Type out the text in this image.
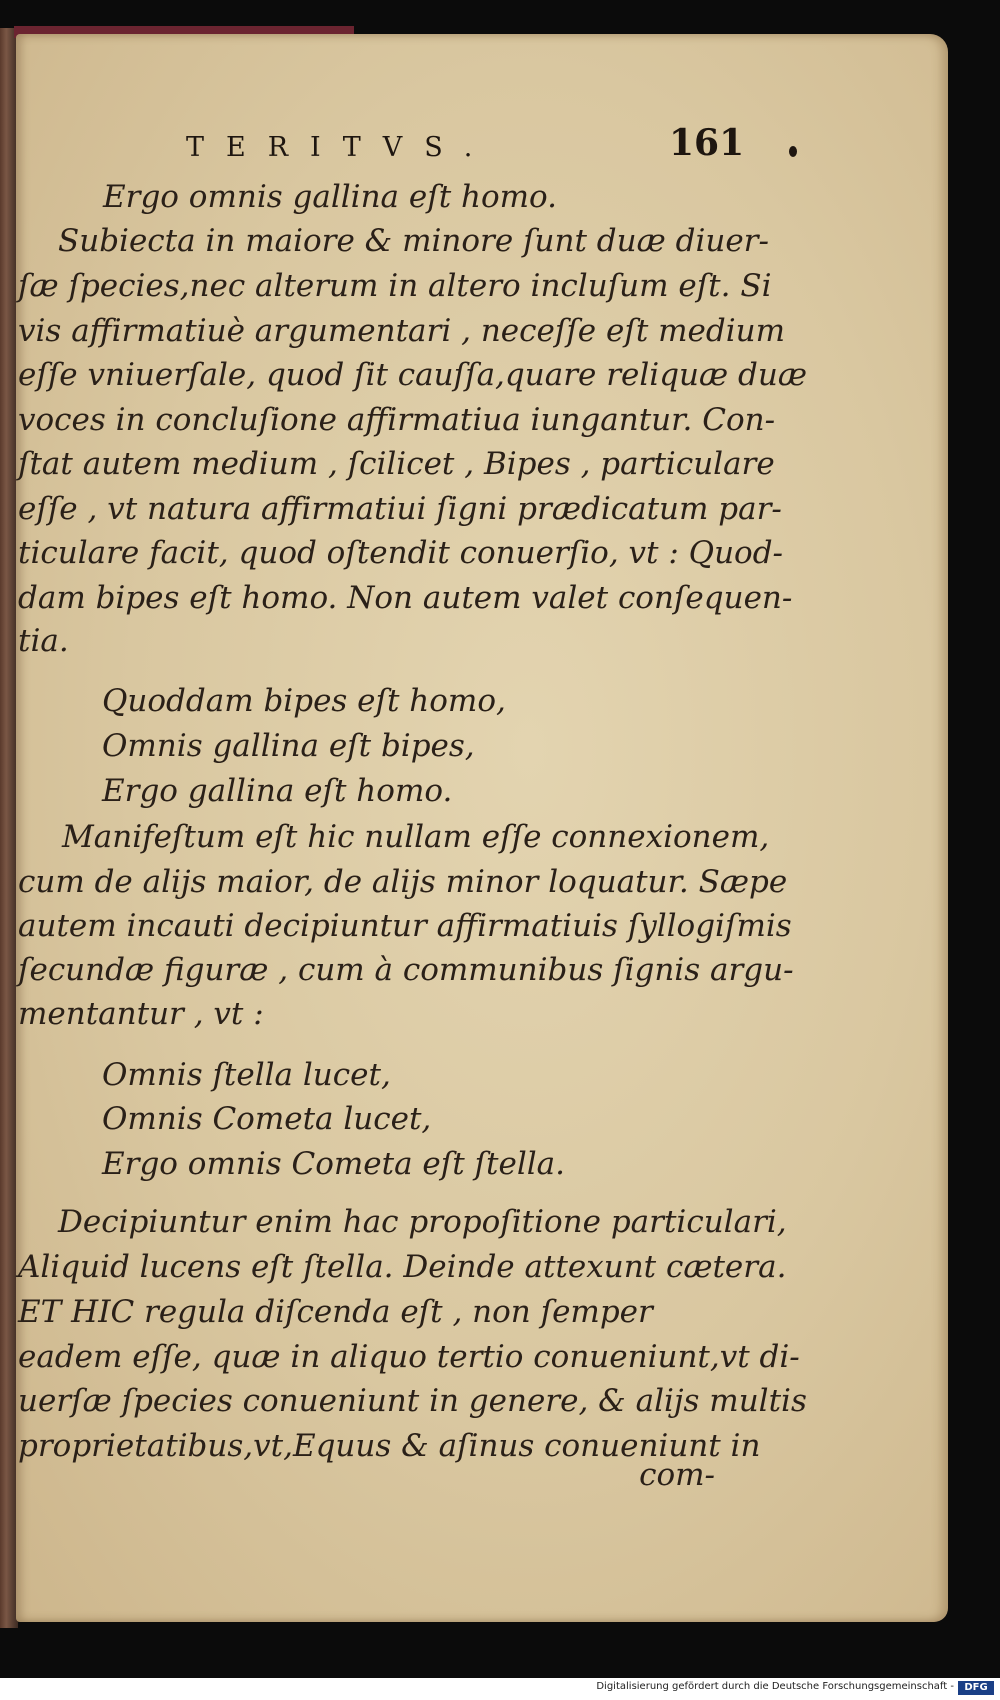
TERITVS.	161
Ergo omnis gallina eſt homo.
Subiecta in maiore & minore ſunt duæ diuer-
ſæ ſpecies,nec alterum in altero incluſum eſt. Si
vis affirmatiuè argumentari , neceſſe eſt medium
eſſe vniuerſale, quod ſit cauſſa,quare reliquæ duæ
voces in concluſione affirmatiua iungantur. Con-
ſtat autem medium , ſcilicet , Bipes , particulare
eſſe , vt natura affirmatiui ſigni prædicatum par-
ticulare facit, quod oſtendit conuerſio, vt : Quod-
dam bipes eſt homo. Non autem valet conſequen-
tia.
Quoddam bipes eſt homo,
Omnis gallina eſt bipes,
Ergo gallina eſt homo.
Manifeſtum eſt hic nullam eſſe connexionem,
cum de alijs maior, de alijs minor loquatur. Sæpe
autem incauti decipiuntur affirmatiuis ſyllogiſmis
ſecundæ figuræ , cum à communibus ſignis argu-
mentantur , vt :
Omnis ſtella lucet,
Omnis Cometa lucet,
Ergo omnis Cometa eſt ſtella.
Decipiuntur enim hac propoſitione particulari,
Aliquid lucens eſt ſtella. Deinde attexunt cætera.
ET HIC regula diſcenda eſt , non ſemper
eadem eſſe, quæ in aliquo tertio conueniunt,vt di-
uerſæ ſpecies conueniunt in genere, & alijs multis
proprietatibus,vt,Equus & aſinus conueniunt in
com-
Digitalisierung gefördert durch die Deutsche Forschungsgemeinschaft -	DFG
